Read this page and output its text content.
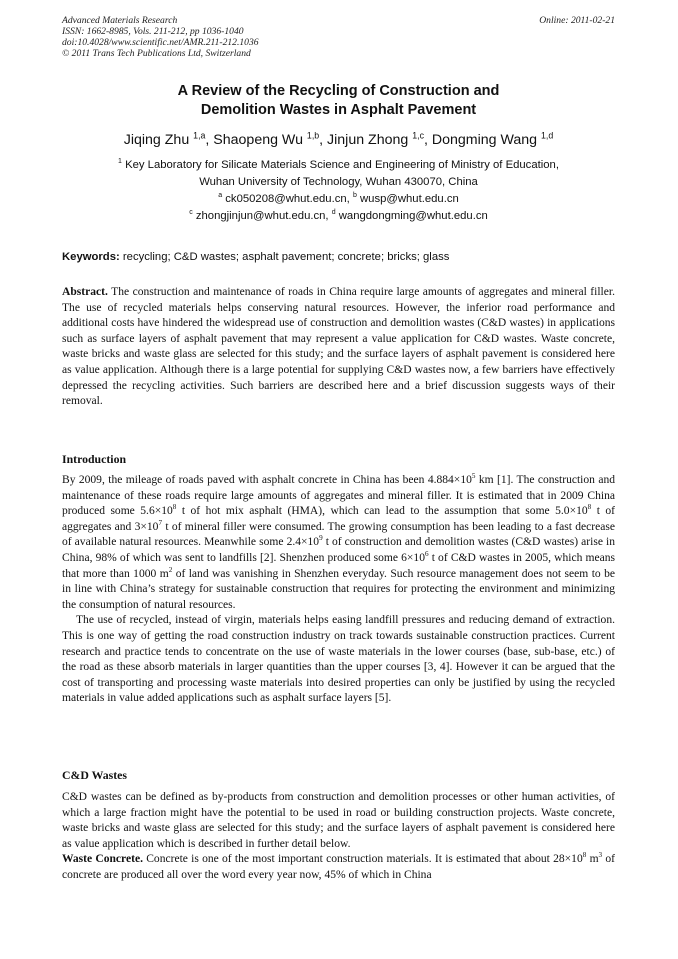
Advanced Materials Research
ISSN: 1662-8985, Vols. 211-212, pp 1036-1040
doi:10.4028/www.scientific.net/AMR.211-212.1036
© 2011 Trans Tech Publications Ltd, Switzerland
Online: 2011-02-21
A Review of the Recycling of Construction and
Demolition Wastes in Asphalt Pavement
Jiqing Zhu $^{1,a}$, Shaopeng Wu $^{1,b}$, Jinjun Zhong $^{1,c}$, Dongming Wang $^{1,d}$
$^1$ Key Laboratory for Silicate Materials Science and Engineering of Ministry of Education,
Wuhan University of Technology, Wuhan 430070, China
$^a$ ck050208@whut.edu.cn, $^b$ wusp@whut.edu.cn
$^c$ zhongjinjun@whut.edu.cn, $^d$ wangdongming@whut.edu.cn
Keywords: recycling; C&D wastes; asphalt pavement; concrete; bricks; glass

Abstract. The construction and maintenance of roads in China require large amounts of aggregates and mineral filler. The use of recycled materials helps conserving natural resources. However, the inferior road performance and additional costs have hindered the widespread use of construction and demolition wastes (C&D wastes) in applications such as surface layers of asphalt pavement that may represent a value application for C&D wastes. Waste concrete, waste bricks and waste glass are selected for this study; and the surface layers of asphalt pavement is considered here as value application. Although there is a large potential for supplying C&D wastes now, a few barriers have effectively depressed the recycling activities. Such barriers are described here and a brief discussion suggests ways of their removal.

Introduction

By 2009, the mileage of roads paved with asphalt concrete in China has been $4.884\times 10^5$ km [1]. The construction and maintenance of these roads require large amounts of aggregates and mineral filler. It is estimated that in 2009 China produced some $5.6\times 10^8$ t of hot mix asphalt (HMA), which can lead to the assumption that some $5.0\times 10^8$ t of aggregates and $3\times 10^7$ t of mineral filler were consumed. The growing consumption has been leading to a fast decrease of available natural resources. Meanwhile some $2.4\times 10^9$ t of construction and demolition wastes (C&D wastes) arise in China, 98% of which was sent to landfills [2]. Shenzhen produced some $6\times 10^6$ t of C&D wastes in 2005, which means that more than 1000 $m^2$ of land was vanishing in Shenzhen everyday. Such resource management does not seem to be in line with China’s strategy for sustainable construction that requires for protecting the environment and minimizing the consumption of natural resources.

The use of recycled, instead of virgin, materials helps easing landfill pressures and reducing demand of extraction. This is one way of getting the road construction industry on track towards sustainable construction practices. Current research and practice tends to concentrate on the use of waste materials in the lower courses (base, sub-base, etc.) of the road as these absorb materials in larger quantities than the upper courses [3, 4]. However it can be argued that the cost of transporting and processing waste materials into desired properties can only be justified by using the recycled materials in value added applications such as asphalt surface layers [5].

C&D Wastes

C&D wastes can be defined as by-products from construction and demolition processes or other human activities, of which a large fraction might have the potential to be used in road or building construction projects. Waste concrete, waste bricks and waste glass are selected for this study; and the surface layers of asphalt pavement is considered here as value application which is described in further detail below.

Waste Concrete. Concrete is one of the most important construction materials. It is estimated that about $28\times 10^8$ $m^3$ of concrete are produced all over the word every year now, 45% of which in China
